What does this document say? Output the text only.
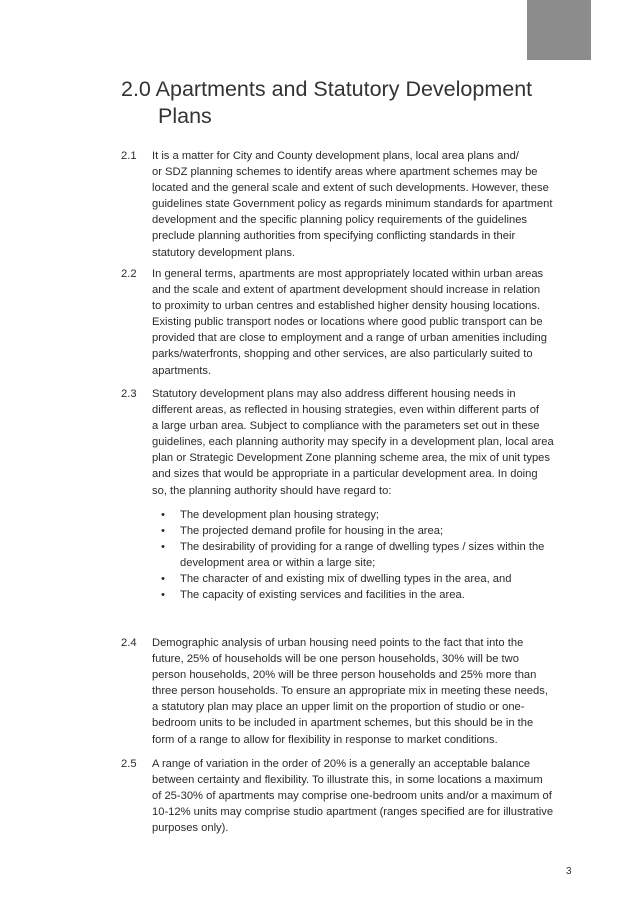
2.0 Apartments and Statutory Development
Plans
2.1	It is a matter for City and County development plans, local area plans and/
or SDZ planning schemes to identify areas where apartment schemes may be
located and the general scale and extent of such developments. However, these
guidelines state Government policy as regards minimum standards for apartment
development and the specific planning policy requirements of the guidelines
preclude planning authorities from specifying conflicting standards in their
statutory development plans.
2.2	In general terms, apartments are most appropriately located within urban areas
and the scale and extent of apartment development should increase in relation
to proximity to urban centres and established higher density housing locations.
Existing public transport nodes or locations where good public transport can be
provided that are close to employment and a range of urban amenities including
parks/waterfronts, shopping and other services, are also particularly suited to
apartments.
2.3	Statutory development plans may also address different housing needs in
different areas, as reflected in housing strategies, even within different parts of
a large urban area. Subject to compliance with the parameters set out in these
guidelines, each planning authority may specify in a development plan, local area
plan or Strategic Development Zone planning scheme area, the mix of unit types
and sizes that would be appropriate in a particular development area. In doing
so, the planning authority should have regard to:
• The development plan housing strategy;
• The projected demand profile for housing in the area;
• The desirability of providing for a range of dwelling types / sizes within the
development area or within a large site;
• The character of and existing mix of dwelling types in the area, and
• The capacity of existing services and facilities in the area.
2.4	Demographic analysis of urban housing need points to the fact that into the
future, 25% of households will be one person households, 30% will be two
person households, 20% will be three person households and 25% more than
three person households. To ensure an appropriate mix in meeting these needs,
a statutory plan may place an upper limit on the proportion of studio or one-
bedroom units to be included in apartment schemes, but this should be in the
form of a range to allow for flexibility in response to market conditions.
2.5	A range of variation in the order of 20% is a generally an acceptable balance
between certainty and flexibility. To illustrate this, in some locations a maximum
of 25-30% of apartments may comprise one-bedroom units and/or a maximum of
10-12% units may comprise studio apartment (ranges specified are for illustrative
purposes only).
3
